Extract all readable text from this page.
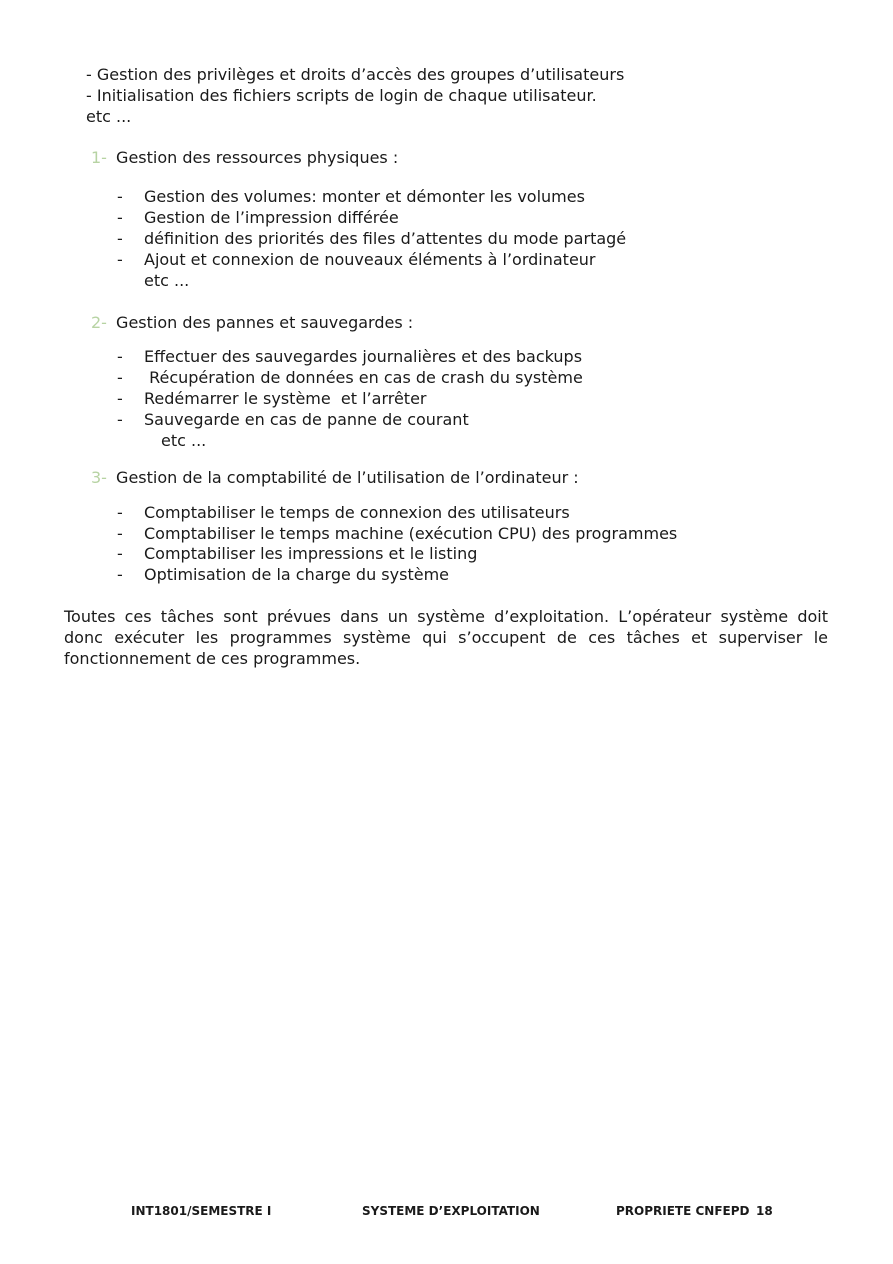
- Gestion des privilèges et droits d’accès des groupes d’utilisateurs
- Initialisation des fichiers scripts de login de chaque utilisateur.
etc ...
1- Gestion des ressources physiques :
- Gestion des volumes: monter et démonter les volumes
- Gestion de l’impression différée
- définition des priorités des files d’attentes du mode partagé
- Ajout et connexion de nouveaux éléments à l’ordinateur
etc ...
2- Gestion des pannes et sauvegardes :
- Effectuer des sauvegardes journalières et des backups
- Récupération de données en cas de crash du système
- Redémarrer le système  et l’arrêter
- Sauvegarde en cas de panne de courant
etc ...
3- Gestion de la comptabilité de l’utilisation de l’ordinateur :
- Comptabiliser le temps de connexion des utilisateurs
- Comptabiliser le temps machine (exécution CPU) des programmes
- Comptabiliser les impressions et le listing
- Optimisation de la charge du système
Toutes ces tâches sont prévues dans un système d’exploitation. L’opérateur système doit
donc exécuter les programmes système qui s’occupent de ces tâches et superviser le
fonctionnement de ces programmes.
INT1801/SEMESTRE I	SYSTEME D’EXPLOITATION	PROPRIETE CNFEPD 18
